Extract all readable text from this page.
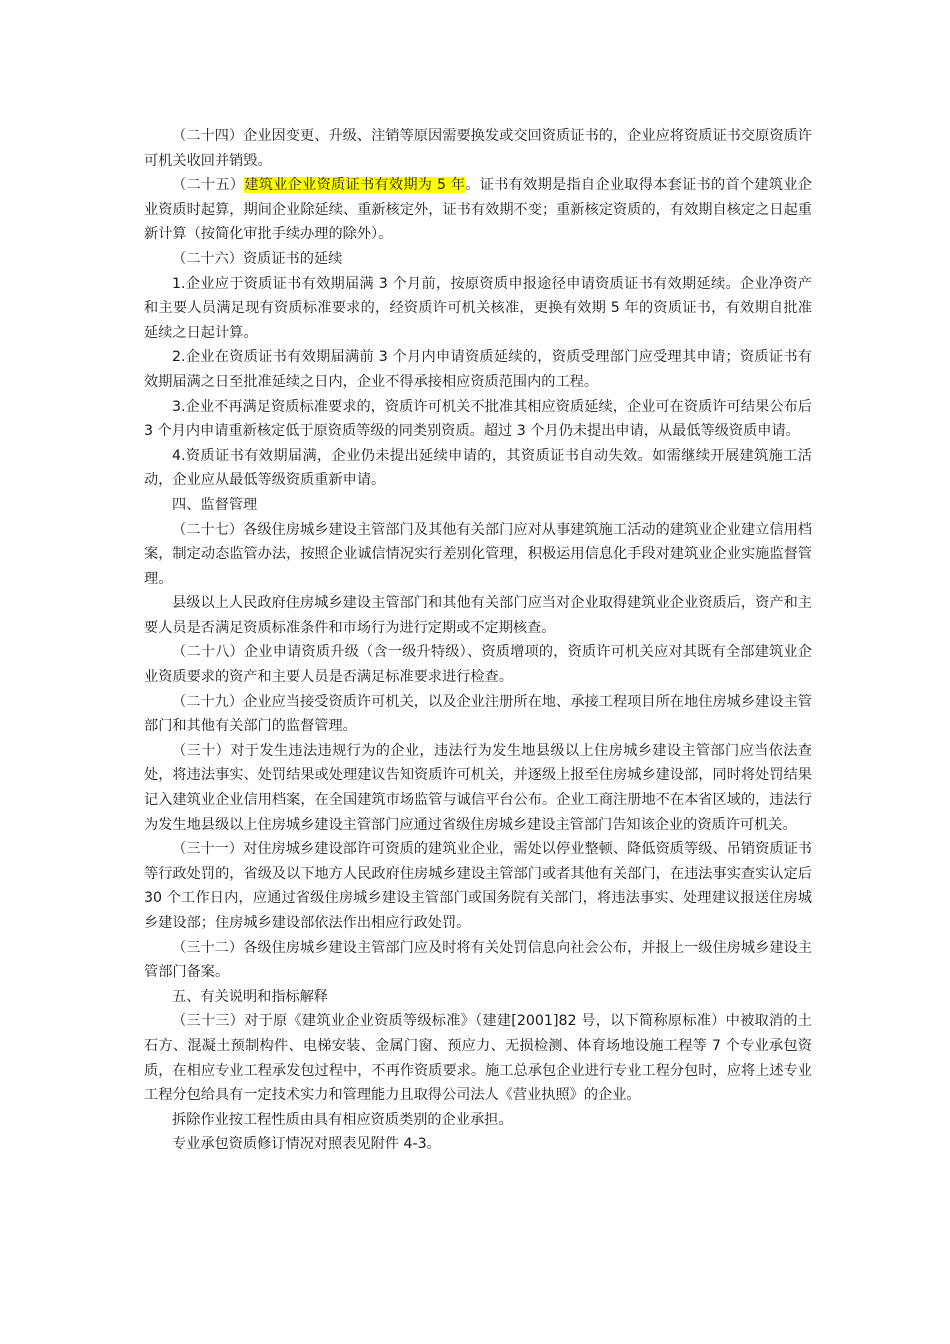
（二十四）企业因变更、升级、注销等原因需要换发或交回资质证书的，企业应将资质证书交原资质许可机关收回并销毁。

（二十五）建筑业企业资质证书有效期为 5 年。证书有效期是指自企业取得本套证书的首个建筑业企业资质时起算，期间企业除延续、重新核定外，证书有效期不变；重新核定资质的，有效期自核定之日起重新计算（按简化审批手续办理的除外）。

（二十六）资质证书的延续

1.企业应于资质证书有效期届满 3 个月前，按原资质申报途径申请资质证书有效期延续。企业净资产和主要人员满足现有资质标准要求的，经资质许可机关核准，更换有效期 5 年的资质证书，有效期自批准延续之日起计算。

2.企业在资质证书有效期届满前 3 个月内申请资质延续的，资质受理部门应受理其申请；资质证书有效期届满之日至批准延续之日内，企业不得承接相应资质范围内的工程。

3.企业不再满足资质标准要求的，资质许可机关不批准其相应资质延续，企业可在资质许可结果公布后 3 个月内申请重新核定低于原资质等级的同类别资质。超过 3 个月仍未提出申请，从最低等级资质申请。

4.资质证书有效期届满，企业仍未提出延续申请的，其资质证书自动失效。如需继续开展建筑施工活动，企业应从最低等级资质重新申请。

四、监督管理

（二十七）各级住房城乡建设主管部门及其他有关部门应对从事建筑施工活动的建筑业企业建立信用档案，制定动态监管办法，按照企业诚信情况实行差别化管理，积极运用信息化手段对建筑业企业实施监督管理。

县级以上人民政府住房城乡建设主管部门和其他有关部门应当对企业取得建筑业企业资质后，资产和主要人员是否满足资质标准条件和市场行为进行定期或不定期核查。

（二十八）企业申请资质升级（含一级升特级）、资质增项的，资质许可机关应对其既有全部建筑业企业资质要求的资产和主要人员是否满足标准要求进行检查。

（二十九）企业应当接受资质许可机关，以及企业注册所在地、承接工程项目所在地住房城乡建设主管部门和其他有关部门的监督管理。

（三十）对于发生违法违规行为的企业，违法行为发生地县级以上住房城乡建设主管部门应当依法查处，将违法事实、处罚结果或处理建议告知资质许可机关，并逐级上报至住房城乡建设部，同时将处罚结果记入建筑业企业信用档案，在全国建筑市场监管与诚信平台公布。企业工商注册地不在本省区域的，违法行为发生地县级以上住房城乡建设主管部门应通过省级住房城乡建设主管部门告知该企业的资质许可机关。

（三十一）对住房城乡建设部许可资质的建筑业企业，需处以停业整顿、降低资质等级、吊销资质证书等行政处罚的，省级及以下地方人民政府住房城乡建设主管部门或者其他有关部门，在违法事实查实认定后 30 个工作日内，应通过省级住房城乡建设主管部门或国务院有关部门，将违法事实、处理建议报送住房城乡建设部；住房城乡建设部依法作出相应行政处罚。

（三十二）各级住房城乡建设主管部门应及时将有关处罚信息向社会公布，并报上一级住房城乡建设主管部门备案。

五、有关说明和指标解释

（三十三）对于原《建筑业企业资质等级标准》（建建[2001]82 号，以下简称原标准）中被取消的土石方、混凝土预制构件、电梯安装、金属门窗、预应力、无损检测、体育场地设施工程等 7 个专业承包资质，在相应专业工程承发包过程中，不再作资质要求。施工总承包企业进行专业工程分包时，应将上述专业工程分包给具有一定技术实力和管理能力且取得公司法人《营业执照》的企业。

拆除作业按工程性质由具有相应资质类别的企业承担。

专业承包资质修订情况对照表见附件 4-3。
